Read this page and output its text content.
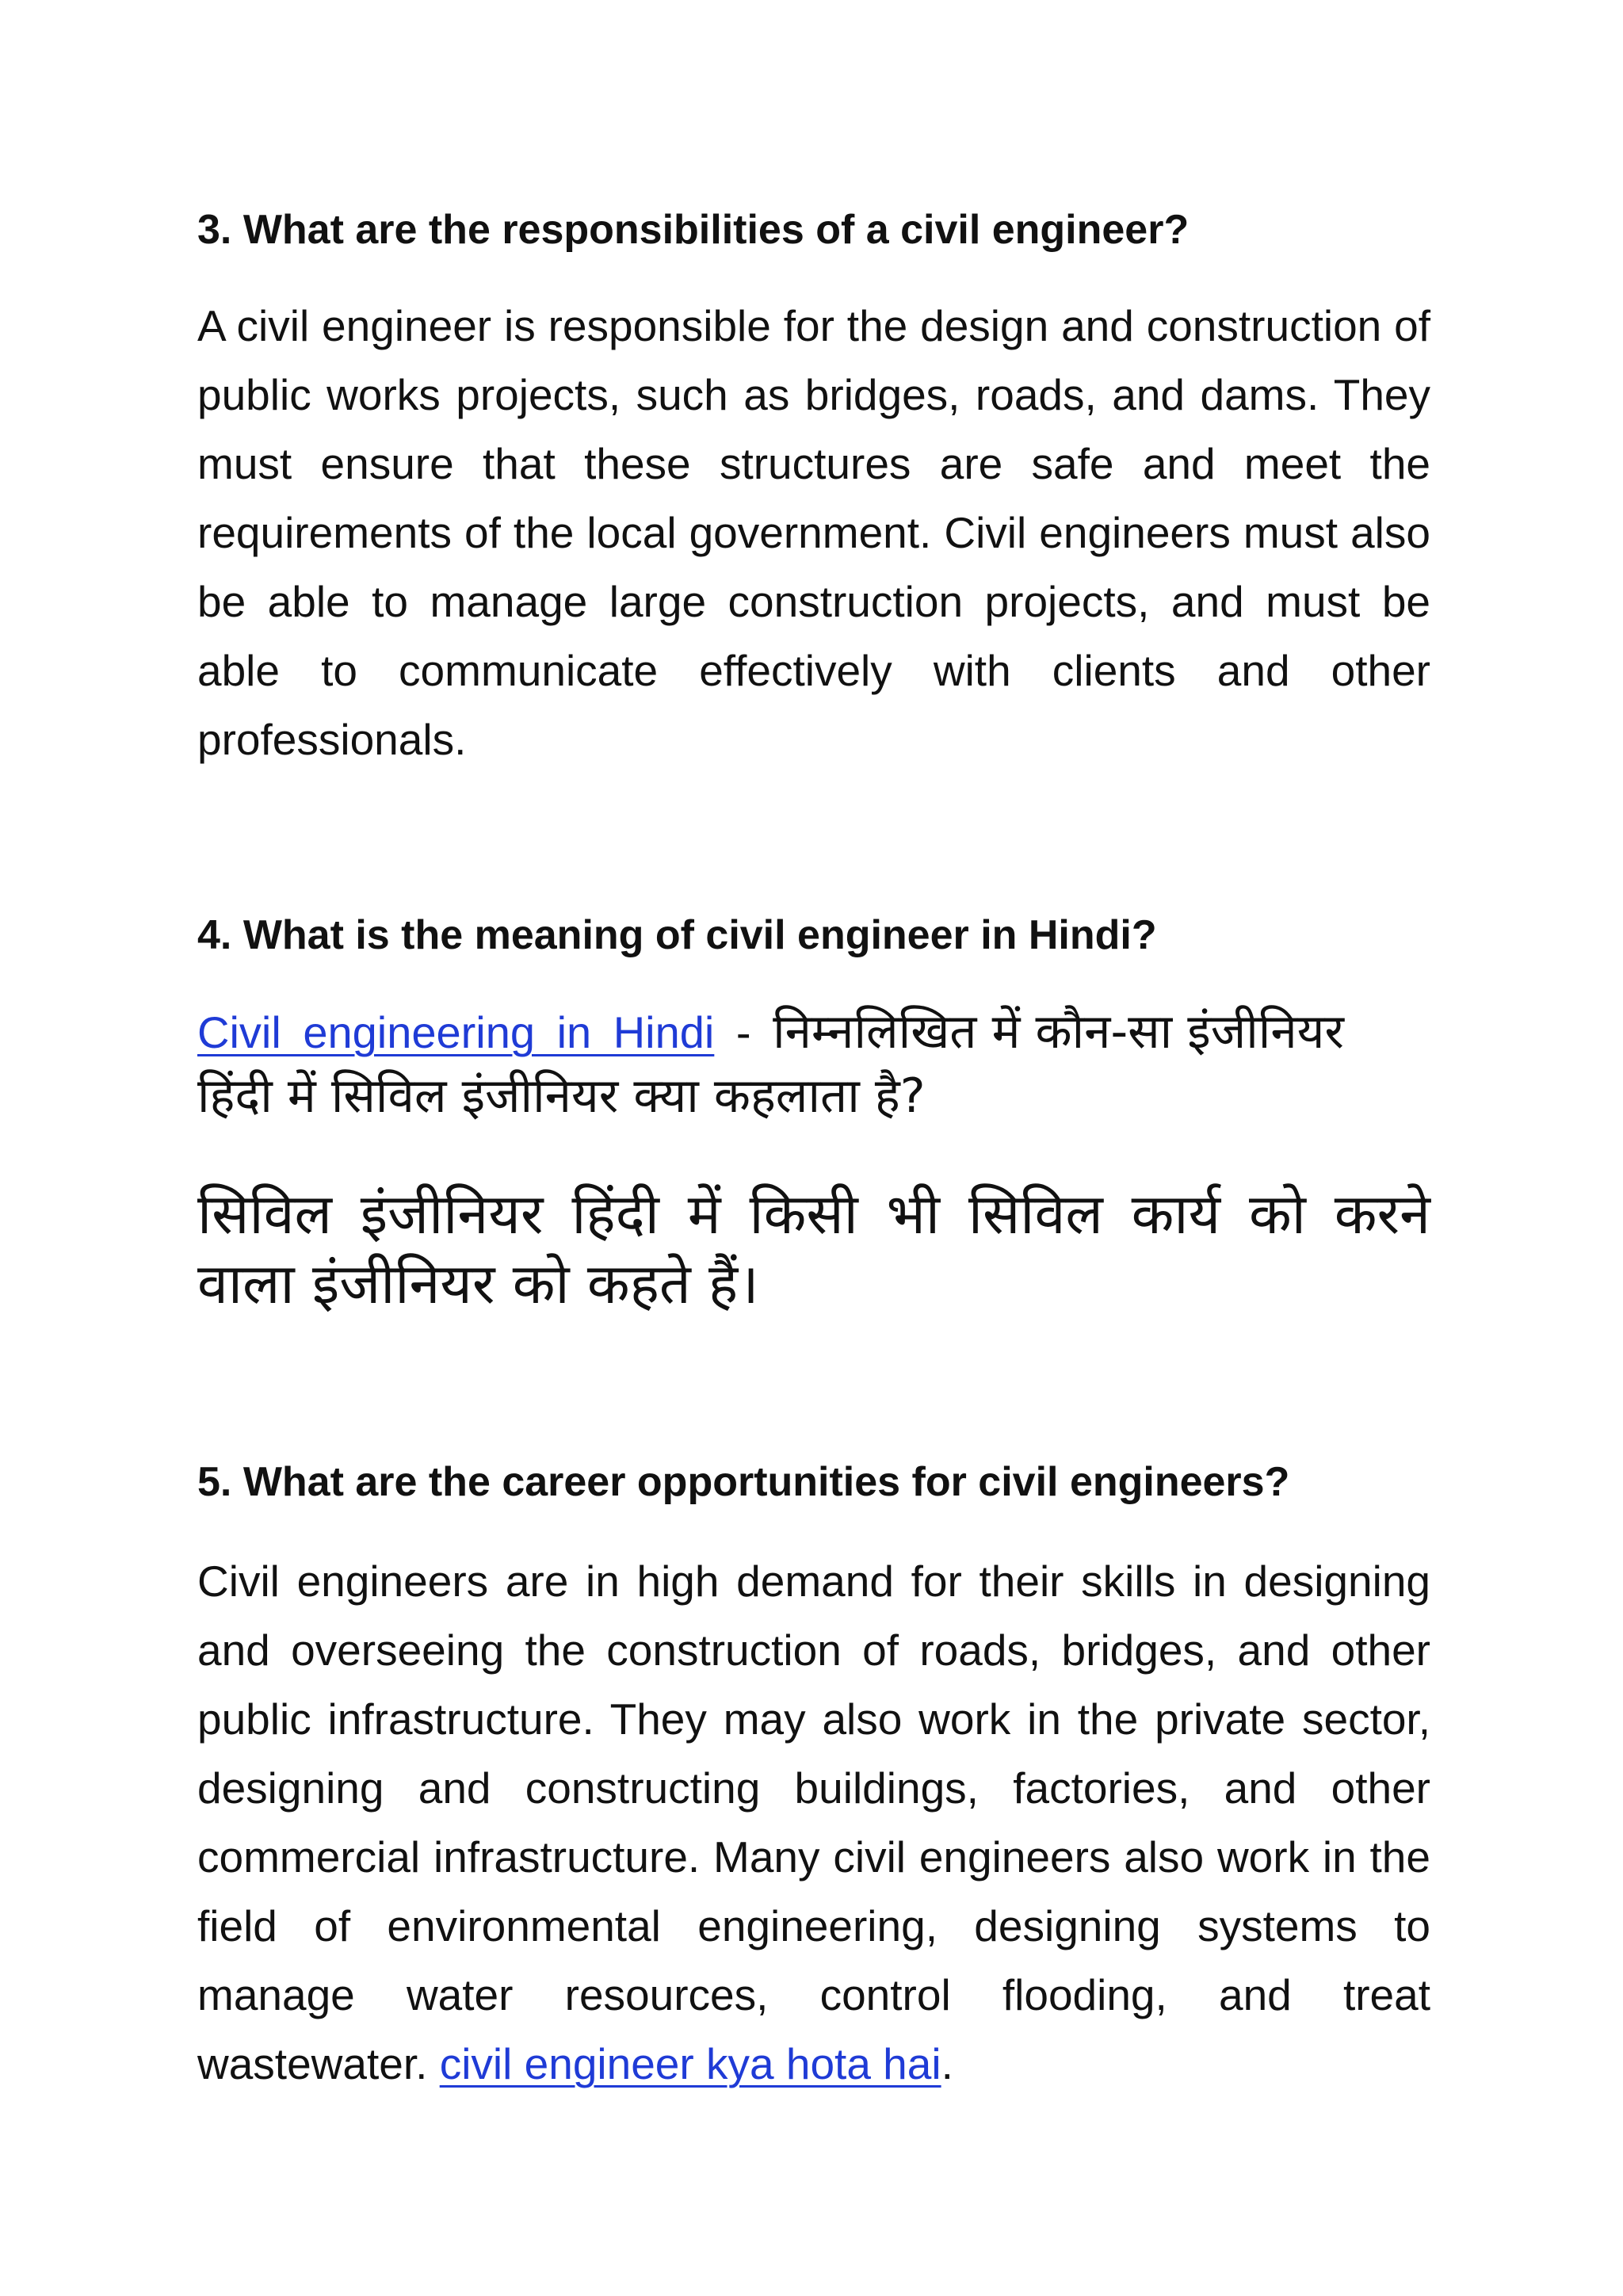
3. What are the responsibilities of a civil engineer?

A civil engineer is responsible for the design and construction of public works projects, such as bridges, roads, and dams. They must ensure that these structures are safe and meet the requirements of the local government. Civil engineers must also be able to manage large construction projects, and must be able to communicate effectively with clients and other professionals.

4. What is the meaning of civil engineer in Hindi?

Civil engineering in Hindi - निम्नलिखित में कौन-सा इंजीनियर हिंदी में सिविल इंजीनियर क्या कहलाता है?

सिविल इंजीनियर हिंदी में किसी भी सिविल कार्य को करने वाला इंजीनियर को कहते हैं।

5. What are the career opportunities for civil engineers?

Civil engineers are in high demand for their skills in designing and overseeing the construction of roads, bridges, and other public infrastructure. They may also work in the private sector, designing and constructing buildings, factories, and other commercial infrastructure. Many civil engineers also work in the field of environmental engineering, designing systems to manage water resources, control flooding, and treat wastewater. civil engineer kya hota hai.
